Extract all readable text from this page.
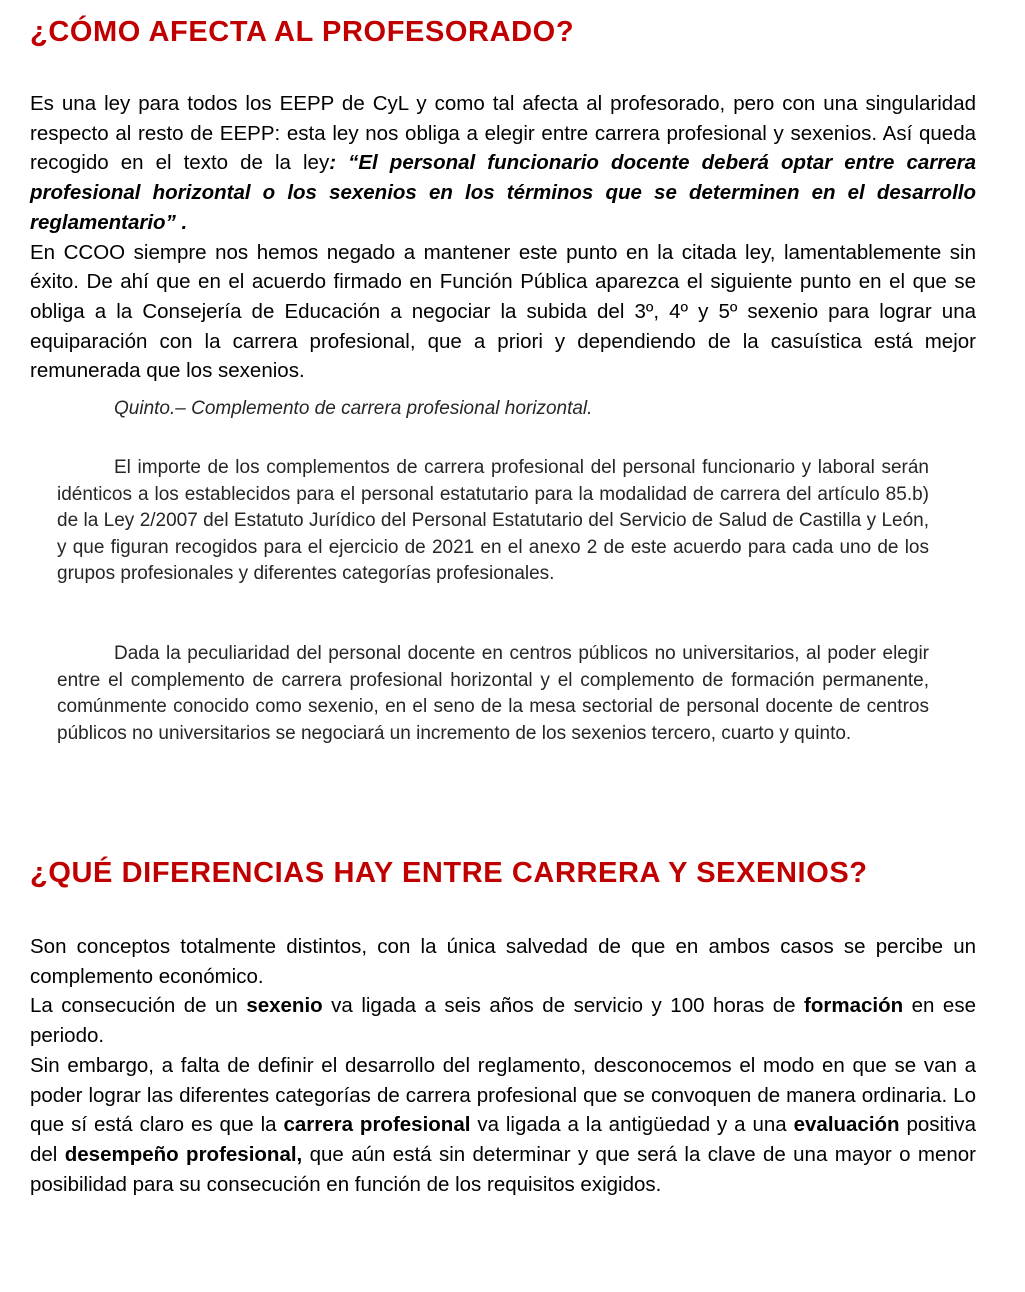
¿CÓMO AFECTA AL PROFESORADO?

Es una ley para todos los EEPP de CyL y como tal afecta al profesorado, pero con una singularidad respecto al resto de EEPP: esta ley nos obliga a elegir entre carrera profesional y sexenios. Así queda recogido en el texto de la ley: “El personal funcionario docente deberá optar entre carrera profesional horizontal o los sexenios en los términos que se determinen en el desarrollo reglamentario” .

En CCOO siempre nos hemos negado a mantener este punto en la citada ley, lamentablemente sin éxito. De ahí que en el acuerdo firmado en Función Pública aparezca el siguiente punto en el que se obliga a la Consejería de Educación a negociar la subida del 3º, 4º y 5º sexenio para lograr una equiparación con la carrera profesional, que a priori y dependiendo de la casuística está mejor remunerada que los sexenios.

Quinto.– Complemento de carrera profesional horizontal.

El importe de los complementos de carrera profesional del personal funcionario y laboral serán idénticos a los establecidos para el personal estatutario para la modalidad de carrera del artículo 85.b) de la Ley 2/2007 del Estatuto Jurídico del Personal Estatutario del Servicio de Salud de Castilla y León, y que figuran recogidos para el ejercicio de 2021 en el anexo 2 de este acuerdo para cada uno de los grupos profesionales y diferentes categorías profesionales.

Dada la peculiaridad del personal docente en centros públicos no universitarios, al poder elegir entre el complemento de carrera profesional horizontal y el complemento de formación permanente, comúnmente conocido como sexenio, en el seno de la mesa sectorial de personal docente de centros públicos no universitarios se negociará un incremento de los sexenios tercero, cuarto y quinto.

¿QUÉ DIFERENCIAS HAY ENTRE CARRERA Y SEXENIOS?

Son conceptos totalmente distintos, con la única salvedad de que en ambos casos se percibe un complemento económico.

La consecución de un sexenio va ligada a seis años de servicio y 100 horas de formación en ese periodo.

Sin embargo, a falta de definir el desarrollo del reglamento, desconocemos el modo en que se van a poder lograr las diferentes categorías de carrera profesional que se convoquen de manera ordinaria. Lo que sí está claro es que la carrera profesional va ligada a la antigüedad y a una evaluación positiva del desempeño profesional, que aún está sin determinar y que será la clave de una mayor o menor posibilidad para su consecución en función de los requisitos exigidos.
